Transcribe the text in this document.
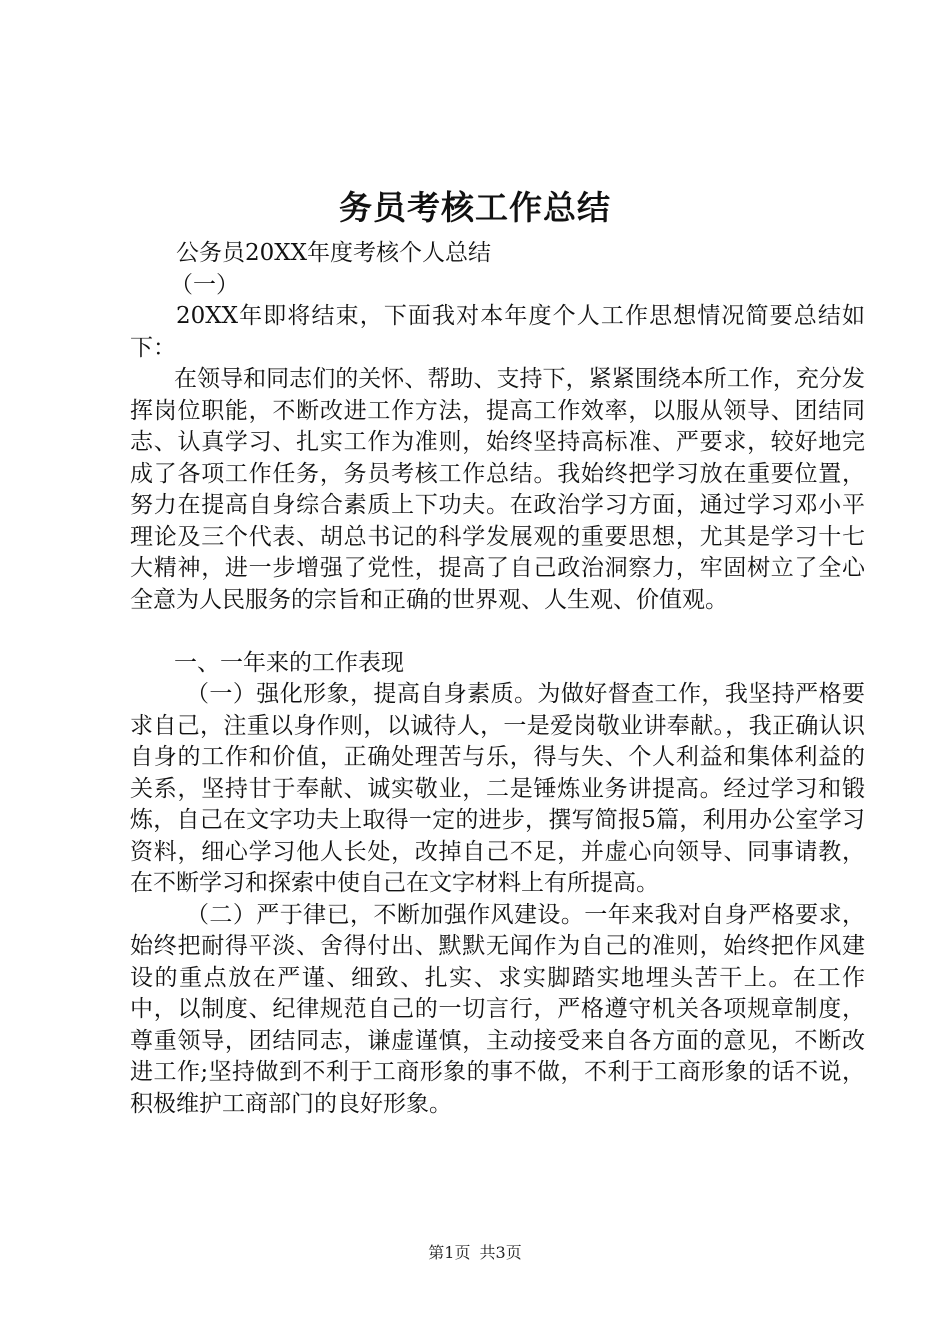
务员考核工作总结

公务员20XX年度考核个人总结

（一）

20XX年即将结束，下面我对本年度个人工作思想情况简要总结如下：

在领导和同志们的关怀、帮助、支持下，紧紧围绕本所工作，充分发挥岗位职能，不断改进工作方法，提高工作效率，以服从领导、团结同志、认真学习、扎实工作为准则，始终坚持高标准、严要求，较好地完成了各项工作任务，务员考核工作总结。我始终把学习放在重要位置，努力在提高自身综合素质上下功夫。在政治学习方面，通过学习邓小平理论及三个代表、胡总书记的科学发展观的重要思想，尤其是学习十七大精神，进一步增强了党性，提高了自己政治洞察力，牢固树立了全心全意为人民服务的宗旨和正确的世界观、人生观、价值观。

一、一年来的工作表现

（一）强化形象，提高自身素质。为做好督查工作，我坚持严格要求自己，注重以身作则，以诚待人，一是爱岗敬业讲奉献。，我正确认识自身的工作和价值，正确处理苦与乐，得与失、个人利益和集体利益的关系，坚持甘于奉献、诚实敬业，二是锤炼业务讲提高。经过学习和锻炼，自己在文字功夫上取得一定的进步，撰写简报5篇，利用办公室学习资料，细心学习他人长处，改掉自己不足，并虚心向领导、同事请教，在不断学习和探索中使自己在文字材料上有所提高。

（二）严于律已，不断加强作风建设。一年来我对自身严格要求，始终把耐得平淡、舍得付出、默默无闻作为自己的准则，始终把作风建设的重点放在严谨、细致、扎实、求实脚踏实地埋头苦干上。在工作中，以制度、纪律规范自己的一切言行，严格遵守机关各项规章制度，尊重领导，团结同志，谦虚谨慎，主动接受来自各方面的意见，不断改进工作;坚持做到不利于工商形象的事不做，不利于工商形象的话不说，积极维护工商部门的良好形象。

第1页 共3页
